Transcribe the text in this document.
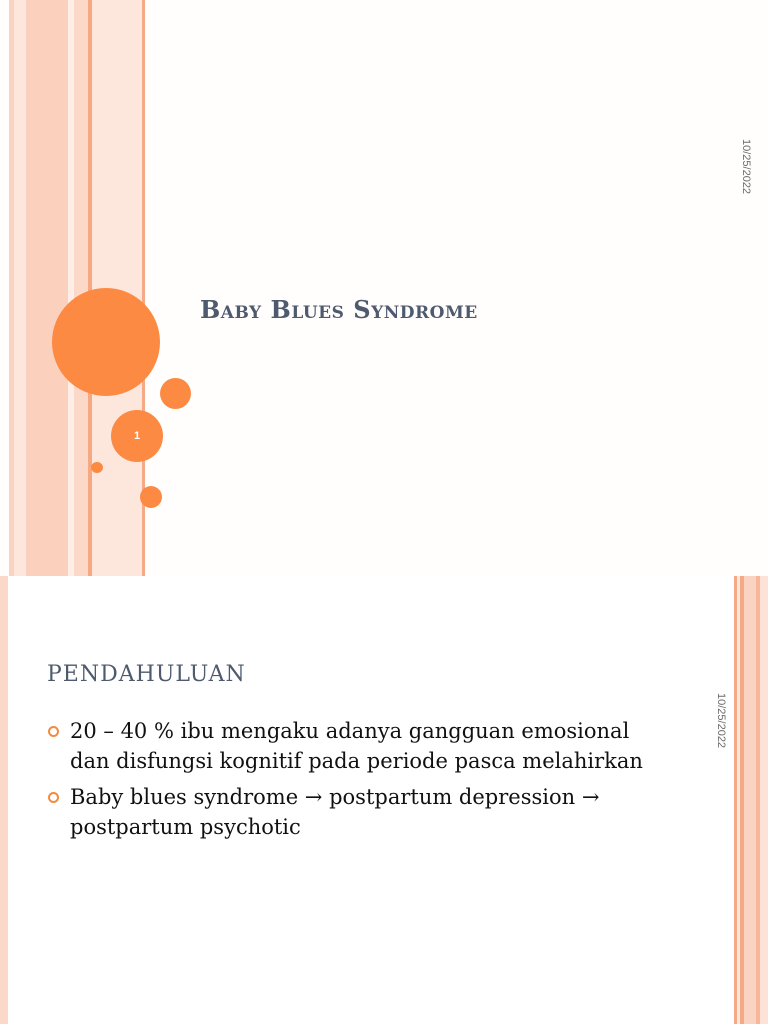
1
Baby Blues Syndrome
10/25/2022
PENDAHULUAN
10/25/2022
20 – 40 % ibu mengaku adanya gangguan emosional dan disfungsi kognitif pada periode pasca melahirkan
Baby blues syndrome → postpartum depression → postpartum psychotic
